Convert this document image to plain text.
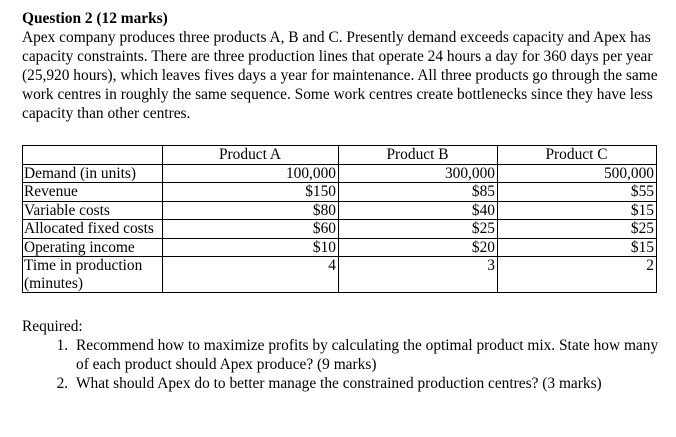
Question 2 (12 marks)

Apex company produces three products A, B and C. Presently demand exceeds capacity and Apex has capacity constraints. There are three production lines that operate 24 hours a day for 360 days per year (25,920 hours), which leaves fives days a year for maintenance. All three products go through the same work centres in roughly the same sequence. Some work centres create bottlenecks since they have less capacity than other centres.

	Product A	Product B	Product C
Demand (in units)	100,000	300,000	500,000
Revenue	$150	$85	$55
Variable costs	$80	$40	$15
Allocated fixed costs	$60	$25	$25
Operating income	$10	$20	$15
Time in production (minutes)	4	3	2

Required:

1. Recommend how to maximize profits by calculating the optimal product mix. State how many of each product should Apex produce? (9 marks)
2. What should Apex do to better manage the constrained production centres? (3 marks)
